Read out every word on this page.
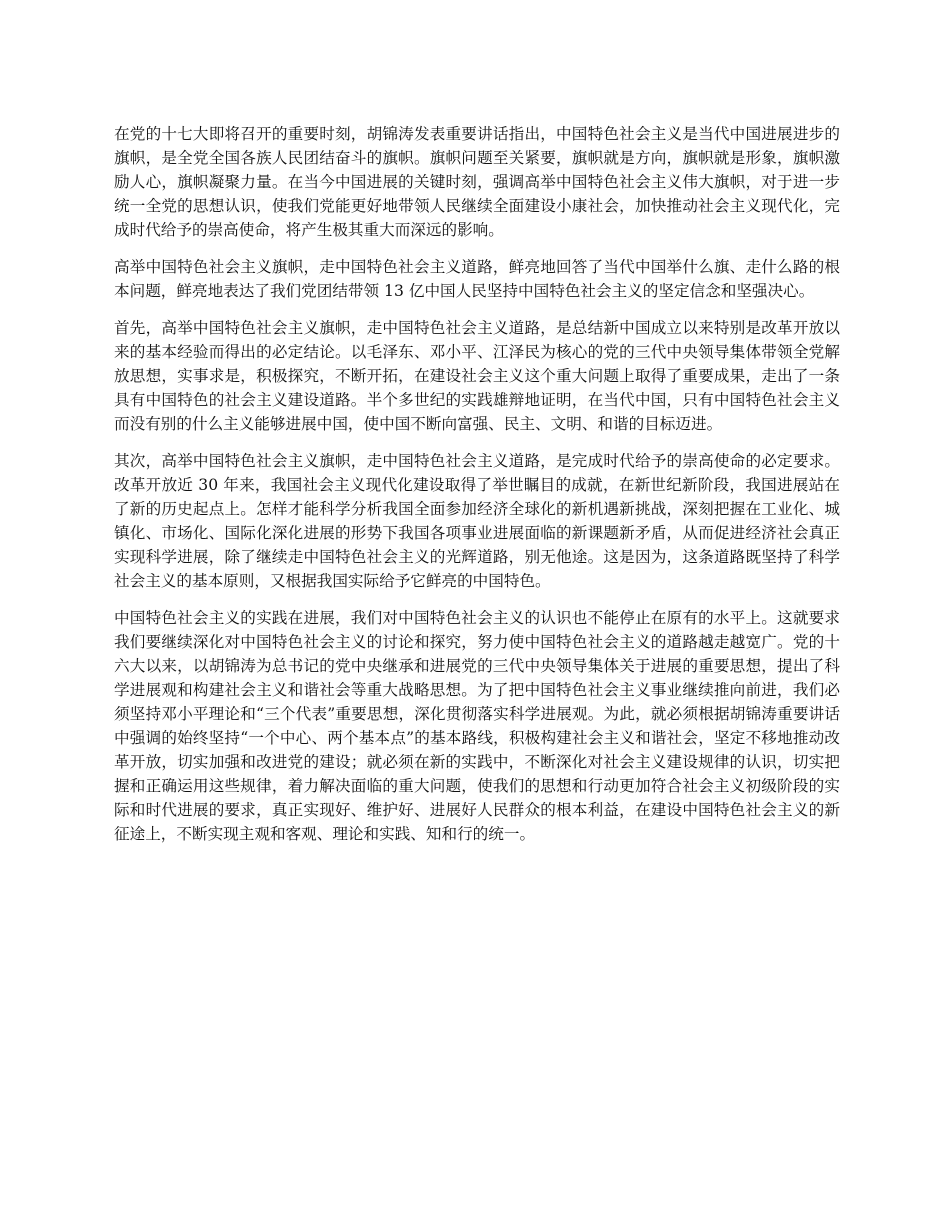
在党的十七大即将召开的重要时刻，胡锦涛发表重要讲话指出，中国特色社会主义是当代中国进展进步的旗帜，是全党全国各族人民团结奋斗的旗帜。旗帜问题至关紧要，旗帜就是方向，旗帜就是形象，旗帜激励人心，旗帜凝聚力量。在当今中国进展的关键时刻，强调高举中国特色社会主义伟大旗帜，对于进一步统一全党的思想认识，使我们党能更好地带领人民继续全面建设小康社会，加快推动社会主义现代化，完成时代给予的崇高使命，将产生极其重大而深远的影响。

高举中国特色社会主义旗帜，走中国特色社会主义道路，鲜亮地回答了当代中国举什么旗、走什么路的根本问题，鲜亮地表达了我们党团结带领 13 亿中国人民坚持中国特色社会主义的坚定信念和坚强决心。

首先，高举中国特色社会主义旗帜，走中国特色社会主义道路，是总结新中国成立以来特别是改革开放以来的基本经验而得出的必定结论。以毛泽东、邓小平、江泽民为核心的党的三代中央领导集体带领全党解放思想，实事求是，积极探究，不断开拓，在建设社会主义这个重大问题上取得了重要成果，走出了一条具有中国特色的社会主义建设道路。半个多世纪的实践雄辩地证明，在当代中国，只有中国特色社会主义而没有别的什么主义能够进展中国，使中国不断向富强、民主、文明、和谐的目标迈进。

其次，高举中国特色社会主义旗帜，走中国特色社会主义道路，是完成时代给予的崇高使命的必定要求。改革开放近 30 年来，我国社会主义现代化建设取得了举世瞩目的成就，在新世纪新阶段，我国进展站在了新的历史起点上。怎样才能科学分析我国全面参加经济全球化的新机遇新挑战，深刻把握在工业化、城镇化、市场化、国际化深化进展的形势下我国各项事业进展面临的新课题新矛盾，从而促进经济社会真正实现科学进展，除了继续走中国特色社会主义的光辉道路，别无他途。这是因为，这条道路既坚持了科学社会主义的基本原则，又根据我国实际给予它鲜亮的中国特色。

中国特色社会主义的实践在进展，我们对中国特色社会主义的认识也不能停止在原有的水平上。这就要求我们要继续深化对中国特色社会主义的讨论和探究，努力使中国特色社会主义的道路越走越宽广。党的十六大以来，以胡锦涛为总书记的党中央继承和进展党的三代中央领导集体关于进展的重要思想，提出了科学进展观和构建社会主义和谐社会等重大战略思想。为了把中国特色社会主义事业继续推向前进，我们必须坚持邓小平理论和“三个代表”重要思想，深化贯彻落实科学进展观。为此，就必须根据胡锦涛重要讲话中强调的始终坚持“一个中心、两个基本点”的基本路线，积极构建社会主义和谐社会，坚定不移地推动改革开放，切实加强和改进党的建设；就必须在新的实践中，不断深化对社会主义建设规律的认识，切实把握和正确运用这些规律，着力解决面临的重大问题，使我们的思想和行动更加符合社会主义初级阶段的实际和时代进展的要求，真正实现好、维护好、进展好人民群众的根本利益，在建设中国特色社会主义的新征途上，不断实现主观和客观、理论和实践、知和行的统一。
